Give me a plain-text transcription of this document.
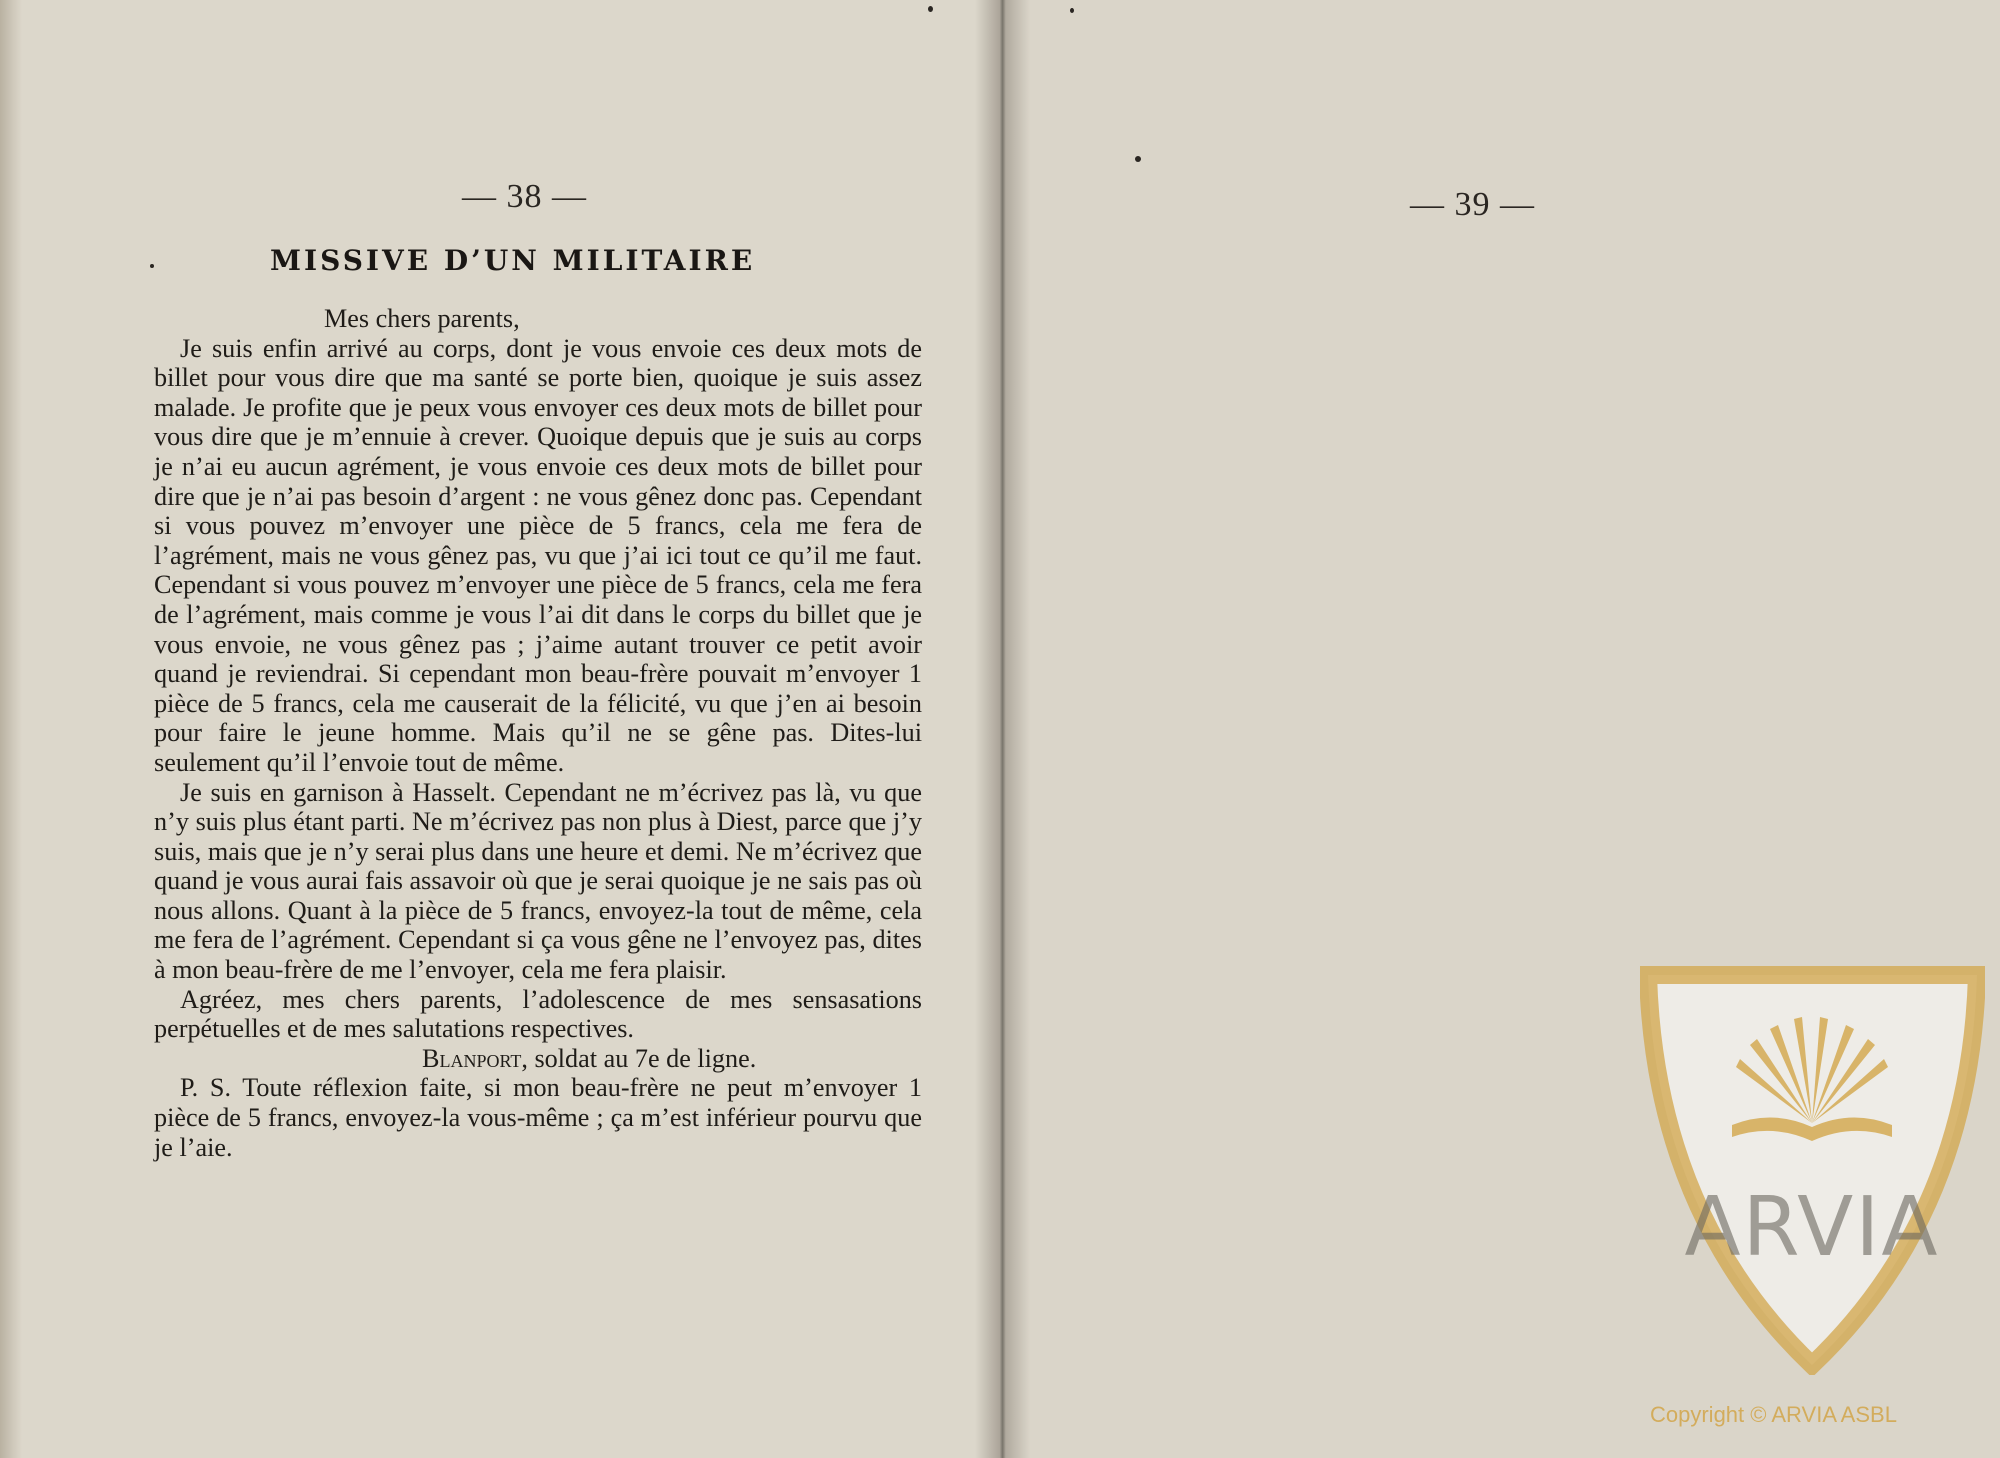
— 38 —
MISSIVE D’UN MILITAIRE

Mes chers parents,

Je suis enfin arrivé au corps, dont je vous envoie ces deux mots de billet pour vous dire que ma santé se porte bien, quoique je suis assez malade. Je profite que je peux vous envoyer ces deux mots de billet pour vous dire que je m’ennuie à crever. Quoique depuis que je suis au corps je n’ai eu aucun agrément, je vous envoie ces deux mots de billet pour dire que je n’ai pas besoin d’argent : ne vous gênez donc pas. Cependant si vous pouvez m’envoyer une pièce de 5 francs, cela me fera de l’agrément, mais ne vous gênez pas, vu que j’ai ici tout ce qu’il me faut. Cependant si vous pouvez m’envoyer une pièce de 5 francs, cela me fera de l’agrément, mais comme je vous l’ai dit dans le corps du billet que je vous envoie, ne vous gênez pas ; j’aime autant trouver ce petit avoir quand je reviendrai. Si cependant mon beau-frère pouvait m’envoyer 1 pièce de 5 francs, cela me causerait de la félicité, vu que j’en ai besoin pour faire le jeune homme. Mais qu’il ne se gêne pas. Dites-lui seulement qu’il l’envoie tout de même.

Je suis en garnison à Hasselt. Cependant ne m’écrivez pas là, vu que n’y suis plus étant parti. Ne m’écrivez pas non plus à Diest, parce que j’y suis, mais que je n’y serai plus dans une heure et demi. Ne m’écrivez que quand je vous aurai fais assavoir où que je serai quoique je ne sais pas où nous allons. Quant à la pièce de 5 francs, envoyez-la tout de même, cela me fera de l’agrément. Cependant si ça vous gêne ne l’envoyez pas, dites à mon beau-frère de me l’envoyer, cela me fera plaisir.

Agréez, mes chers parents, l’adolescence de mes sensasations perpétuelles et de mes salutations respectives.

Blanport, soldat au 7e de ligne.

P. S. Toute réflexion faite, si mon beau-frère ne peut m’envoyer 1 pièce de 5 francs, envoyez-la vous-même ; ça m’est inférieur pourvu que je l’aie.

— 39 —

ARVIA
Copyright © ARVIA ASBL
